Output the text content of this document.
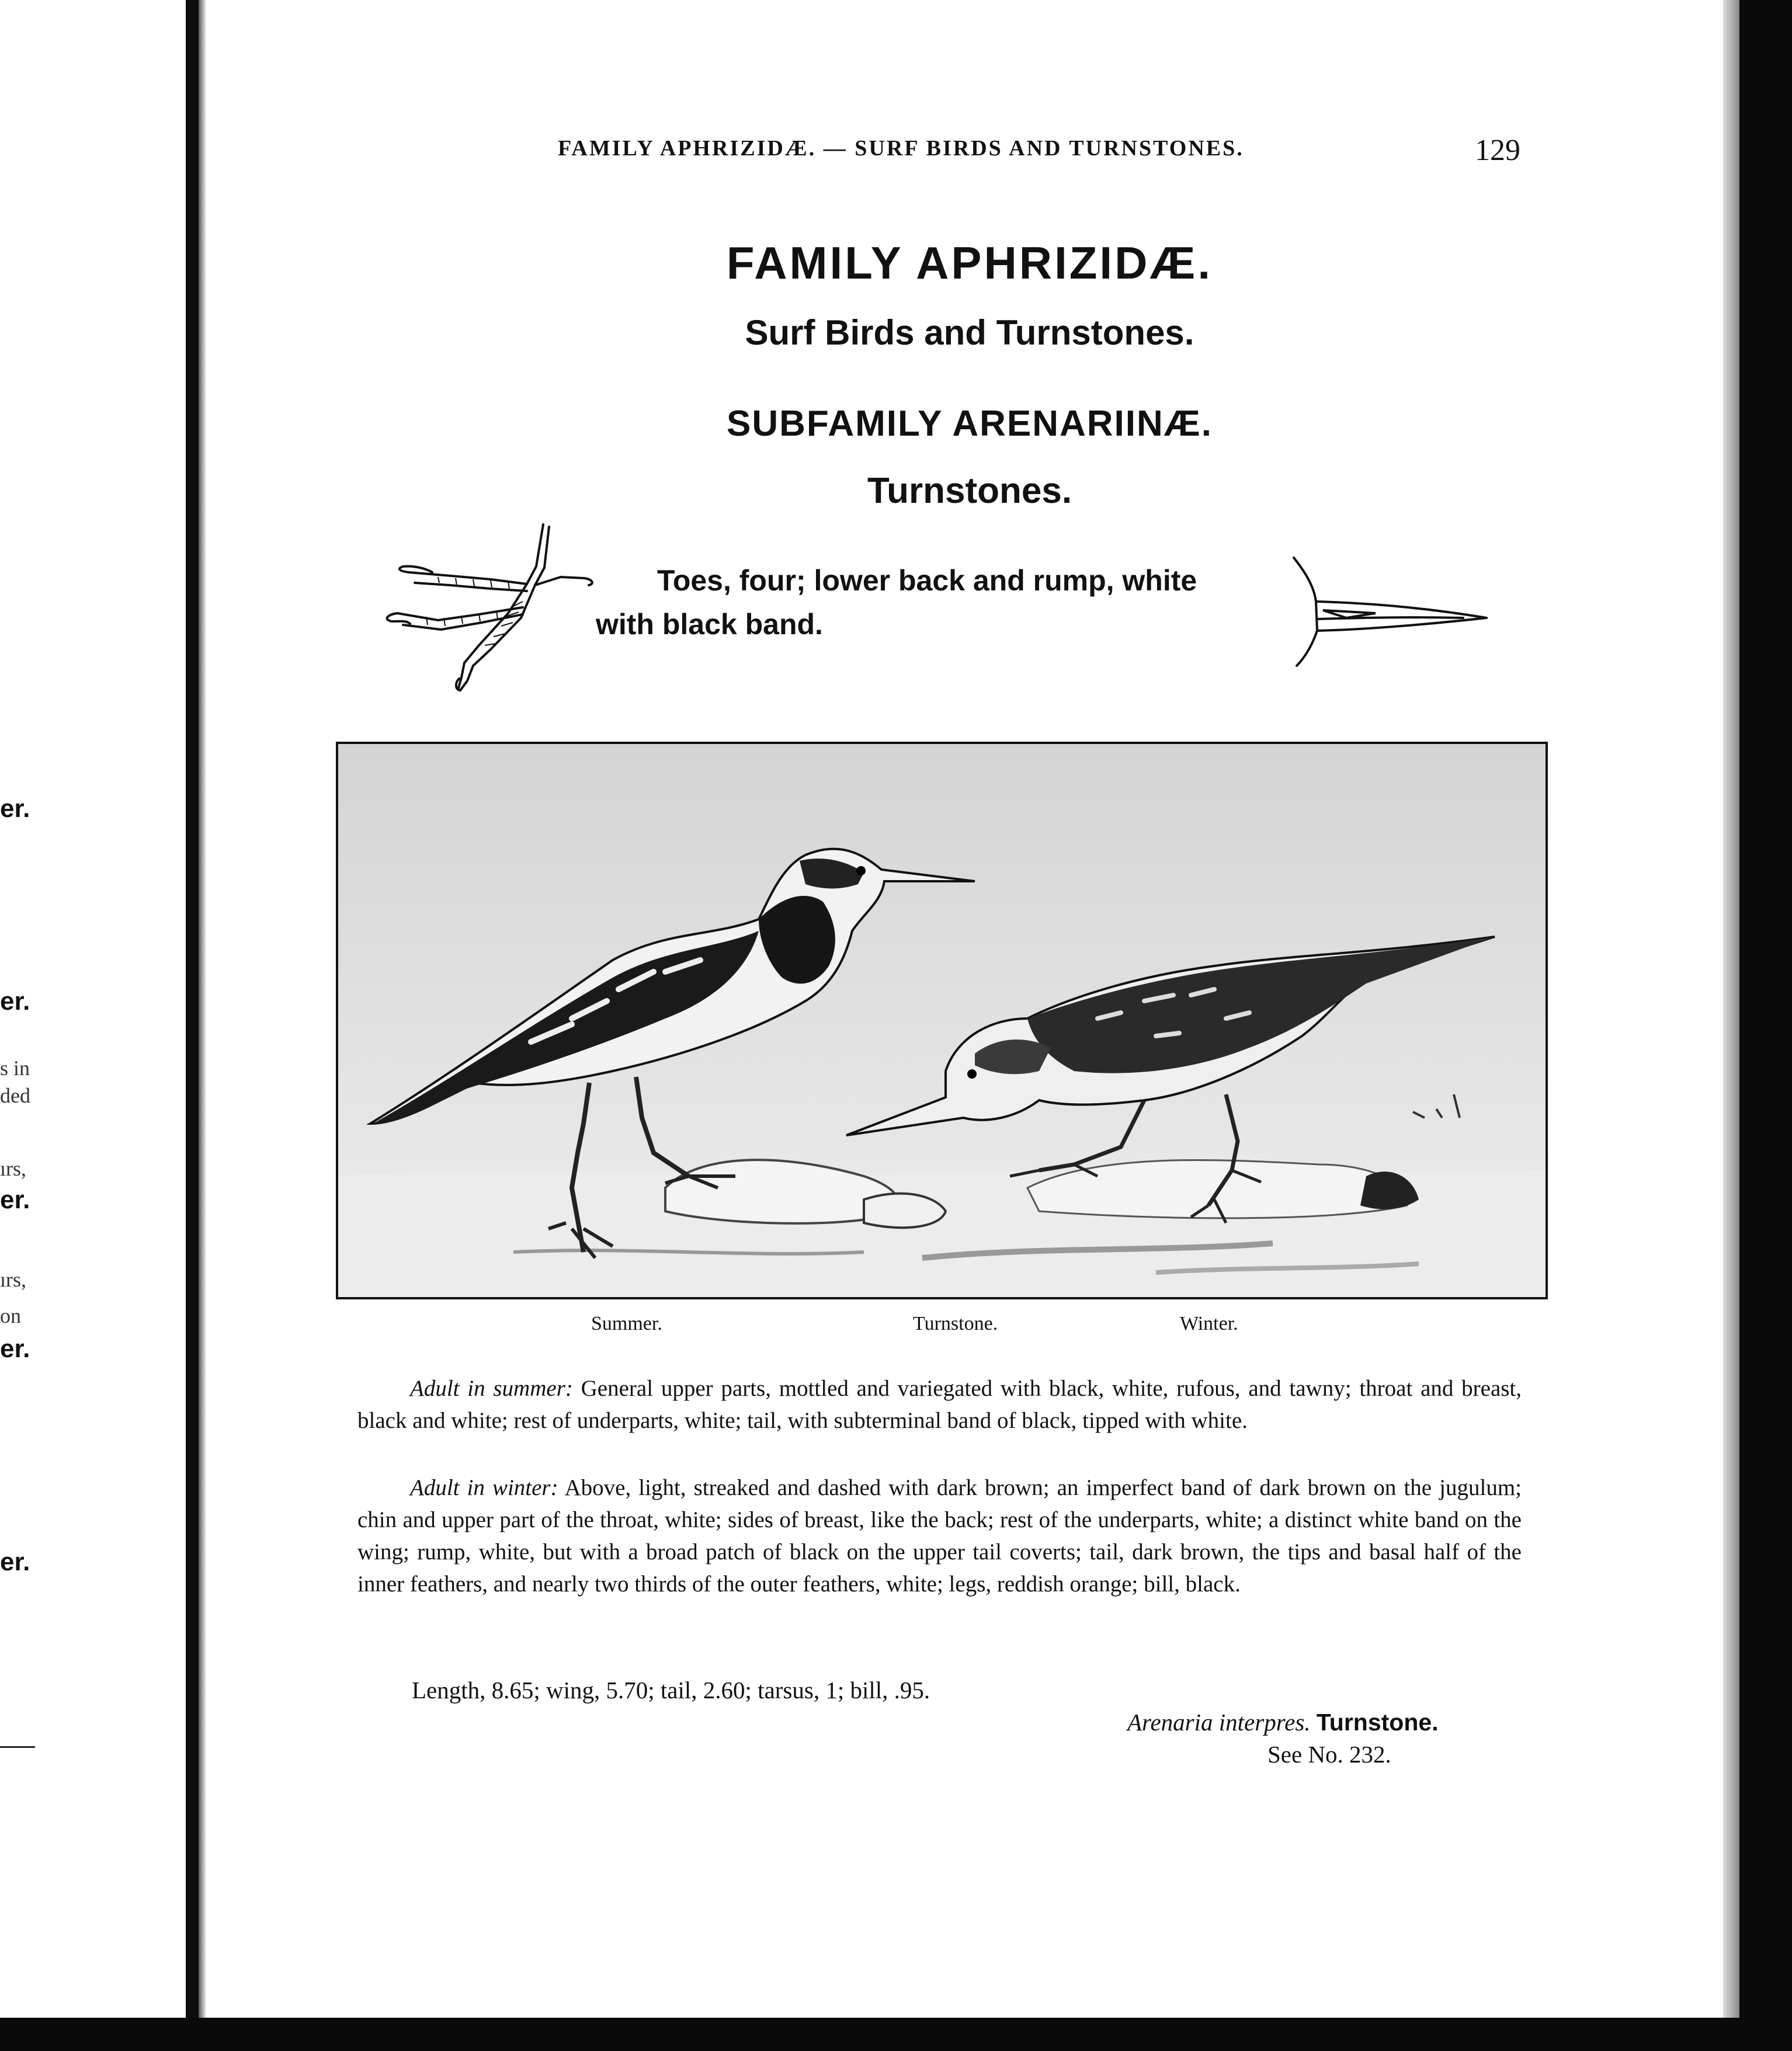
er.
er.
s in
ded
ırs,
er.
ırs,
on
er.
er.
FAMILY APHRIZIDÆ. — SURF BIRDS AND TURNSTONES.	129
FAMILY APHRIZIDÆ.
Surf Birds and Turnstones.
SUBFAMILY ARENARIINÆ.
Turnstones.
Toes, four; lower back and rump, white
with black band.
Summer.	Turnstone.	Winter.
Adult in summer: General upper parts, mottled and variegated with black, white, rufous, and tawny; throat and breast, black and white; rest of underparts, white; tail, with subterminal band of black, tipped with white.
Adult in winter: Above, light, streaked and dashed with dark brown; an imperfect band of dark brown on the jugulum; chin and upper part of the throat, white; sides of breast, like the back; rest of the underparts, white; a distinct white band on the wing; rump, white, but with a broad patch of black on the upper tail coverts; tail, dark brown, the tips and basal half of the inner feathers, and nearly two thirds of the outer feathers, white; legs, reddish orange; bill, black.
Length, 8.65; wing, 5.70; tail, 2.60; tarsus, 1; bill, .95.
Arenaria interpres. Turnstone.
See No. 232.
